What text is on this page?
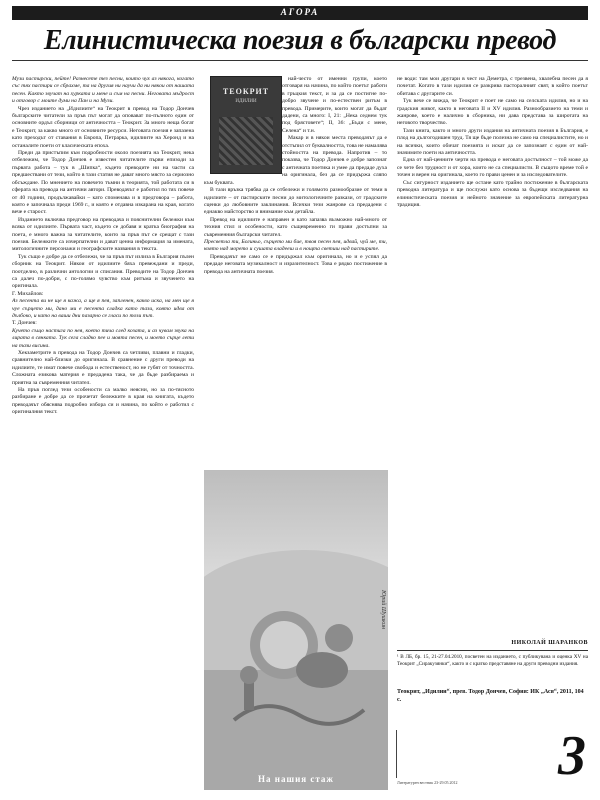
АГОРА
Елинистическа поезия в български превод

Музи пастирски, пейте! Разнесете тез песни, които чух аз някога, когато със тях пастири се сбрахме, та на другия ни научи да ни някои от нашата песен. Както звучат на хурката и мене и съм на песни. Неговата мъдрост и отговор с моите думи на Пан и на Музи.

Чрез изданието на „Идилиите“ на Теокрит в превод на Тодор Дончев българските читатели за пръв път могат да оповават по-пълното един от основните ордъл сборници от античността – Теокрит. За много неща богат е Теокрит, за какво много от основните ресурси. Неговата поезия е запазена като преходът от ставания в Европа, Петрарка, идилиите на Херонд и на останалите поети от класическата епоха.

Преди да пристъпим към подробности около поезията на Теокрит, нека отбележим, че Тодор Дончев е известен читателите първи епизоди за първата работа – тук в „Шипка“, където преводите ни на части са предшествани от тези, който в тази статия не дават много място за сериозно обсъждане. По мнението на повечето тъмни в теорията, той работата си в сферата на превода на антични автори. Преводачът е работил по тях повече от 40 години, продължавайки – като споменава и в предговора – работа, която е започнала преди 1969 г., и която е отдавна изкарана на края, когато вече е старост.

Изданието включва предговор на преводача и пояснителни бележки към всяка от идилиите. Първата част, където се добавя и кратка биография на поета, е много важна за читателите, които за пръв път се срещат с тази поезия. Бележките са изчерпателни и дават ценна информация за имената, митологичните персонажи и географските названия в текста.

Тук също е добре да се отбележи, че за пръв път излиза в България пълен сборник на Теокрит. Някои от идилиите бяха превеждани и преди, поотделно, в различни антологии и списания. Преводите на Тодор Дончев са далеч по-добри, с по-голямо чувство към ритъма и звученето на оригинала.

Г. Михайлов:

Аз песента ви не ще я кажа, а ще я пея, запленен, какво иска, на мен ще я чуе сърцето ми, дано ми е песента сладка като тази, която идва от дълбоко, и като на ваши дни пазарно се гласи по този път.

Т. Дончев:

Кучето също настига по нея, което тича след козата, и аз чувам звука на лирата в сянката. Тук сега сладко пее и моята песен, и моето сърце лети на тази висина.

Хекзаметрите в превода на Тодор Дончев са четливи, плавни и гладки, сравнително най-близки до оригинала. В сравнение с други преводи на идилиите, те имат повече свобода и естественост, но не губят от точността. Сложната езикова материя е предадена така, че да бъде разбираема и приятна за съвременния читател.

На пръв поглед тези особености са малко неясни, но за по-тясното разбиране е добре да се прочетат бележките в края на книгата, където преводачът обяснява подробно избора си и начина, по който е работил с оригиналния текст.

ТЕОКРИТ
ИДИЛИИ

най-често от именни групи, което отговаря на начина, по който поетът работи в гръцкия текст, и за да се постигне по-добро звучене и по-естествен ритъм в превода. Примерите, които могат да бъдат дадени, са много: I, 21: „Нека седнем тук под брястовете“; II, 36: „Бъди с мене, Селена“ и т.н.

Макар и в някои места преводачът да е отстъпил от буквалността, това не намалява стойността на превода. Напротив – то показва, че Тодор Дончев е добре запознат с античната поетика и умее да предаде духа на оригинала, без да се придържа сляпо към буквата.

В тази връзка трябва да се отбележи и голямото разнообразие от теми в идилиите – от пастирските песни до митологичните разкази, от градските сценки до любовните заклинания. Всички тези жанрове са предадени с еднакво майсторство и внимание към детайла.

Превод на идилиите е направен и като запазва възможно най-много от техния стил и особености, като същевременно ги прави достъпни за съвременния български читател.

Пресветла ти, Богиньо, сърцето ми бие, твоя песен пея, идвай, чуй ме, ти, която над морето и сушата владееш и в нощта светиш над пастирите.

Преводачът не само се е придържал към оригинала, но и е успял да предаде неговата музикалност и изразителност. Това е рядко постижение в превода на античната поезия.

На нашия стаж
Юрий Шушкин

не води: там мои другари в чест на Деметра, с трезвена, хвалебна песен да я почетат. Когато в тази идилия се разкрива пасторалният свят, в който поетът обитава с другарите си.

Тук вече се вижда, че Теокрит е поет не само на селската идилия, но и на градския живот, както в неговата II и XV идилия. Разнообразието на теми и жанрове, което е налично в сборника, ни дава представа за широтата на неговото творчество.

Тази книга, както и много други издания на античната поезия в България, е плод на дългогодишен труд. Тя ще бъде полезна не само на специалистите, но и на всички, които обичат поезията и искат да се запознаят с един от най-значимите поети на античността.

Една от най-ценните черти на превода е неговата достъпност – той може да се чете без трудност и от хора, които не са специалисти. В същото време той е точен и верен на оригинала, което го прави ценен и за изследователите.

Със сигурност изданието ще остане като трайно постижение в българската преводна литература и ще послужи като основа за бъдещи изследвания на елинистическата поезия и нейното значение за европейската литературна традиция.

НИКОЛАЙ ШАРАНКОВ
¹ В ЛБ, бр. 15, 21-27.04.2010, посветен на изданието, с публикувана и оценка XV на Теокрит „Сиракузянки“, както и с кратко представяне на други преводни издания.
Теокрит, „Идилии“, прев. Тодор Дончев, София: ИК „Ася“, 2011, 104 с.
3
Литературен вестник 23-29.05.2012
